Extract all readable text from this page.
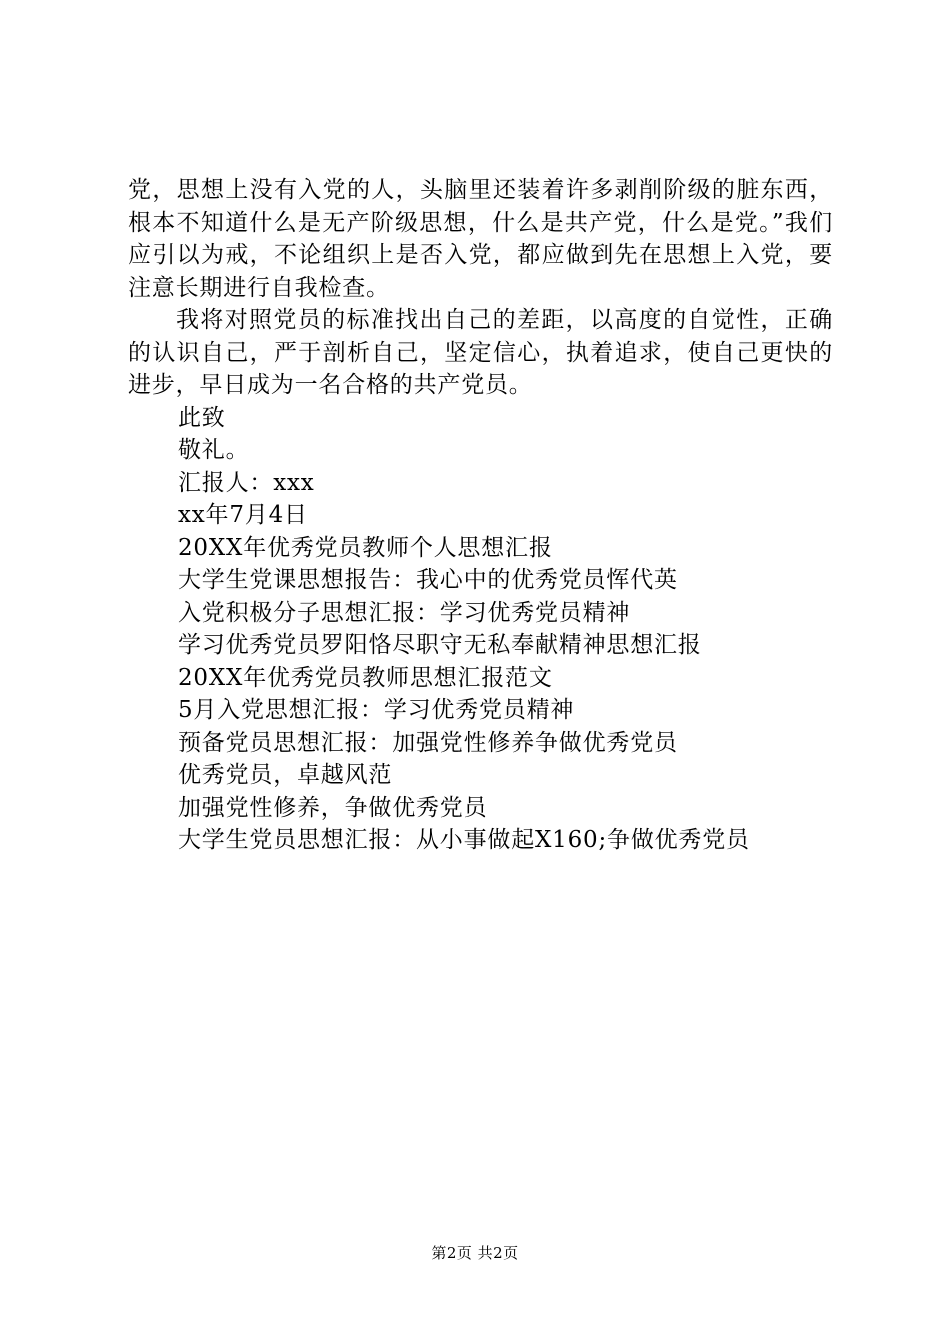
党，思想上没有入党的人，头脑里还装着许多剥削阶级的脏东西，根本不知道什么是无产阶级思想，什么是共产党，什么是党。”我们应引以为戒，不论组织上是否入党，都应做到先在思想上入党，要注意长期进行自我检查。

我将对照党员的标准找出自己的差距，以高度的自觉性，正确的认识自己，严于剖析自己，坚定信心，执着追求，使自己更快的进步，早日成为一名合格的共产党员。

此致

敬礼。

汇报人：xxx

xx年7月4日

20XX年优秀党员教师个人思想汇报

大学生党课思想报告：我心中的优秀党员恽代英

入党积极分子思想汇报：学习优秀党员精神

学习优秀党员罗阳恪尽职守无私奉献精神思想汇报

20XX年优秀党员教师思想汇报范文

5月入党思想汇报：学习优秀党员精神

预备党员思想汇报：加强党性修养争做优秀党员

优秀党员，卓越风范

加强党性修养，争做优秀党员

大学生党员思想汇报：从小事做起X160;争做优秀党员

第2页 共2页
